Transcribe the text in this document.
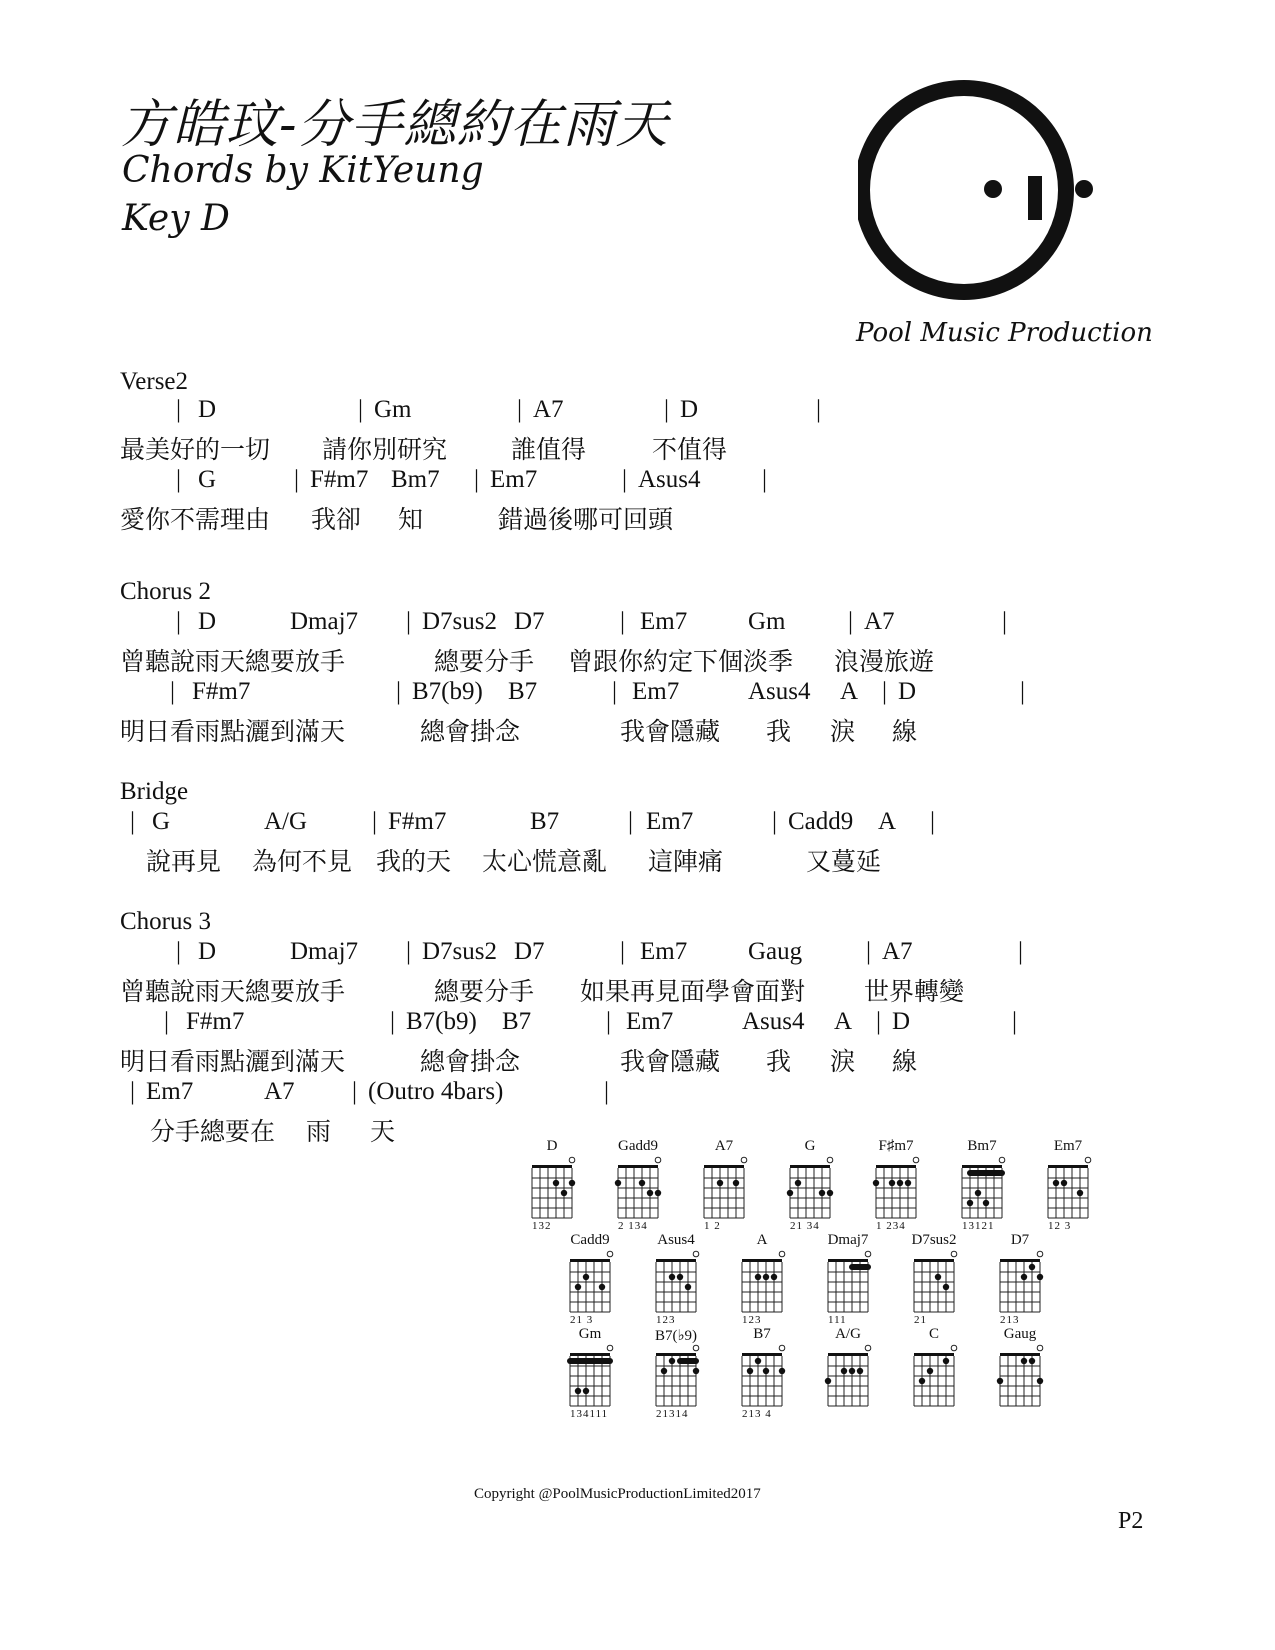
方皓玟-分手總約在雨天
Chords by KitYeung
Key D
Pool Music Production
Verse2
| D	| Gm	| A7	| D	|
最美好的一切 請你別研究	誰值得	不值得
| G	| F#m7 Bm7 | Em7	| Asus4 |
愛你不需理由 我卻 知	錯過後哪可回頭
Chorus 2
| D	Dmaj7 | D7sus2 D7	| Em7 Gm	| A7	|
曾聽說雨天總要放手	總要分手 曾跟你約定下個淡季 浪漫旅遊
| F#m7	| B7(b9) B7	| Em7	Asus4 A | D	|
明日看雨點灑到滿天	總會掛念	我會隱藏 我 淚 線
Bridge
| G	A/G	| F#m7	B7	| Em7	| Cadd9 A |
說再見 為何不見 我的天 太心慌意亂 這陣痛	又蔓延
Chorus 3
| D	Dmaj7 | D7sus2 D7	| Em7 Gaug	| A7	|
曾聽說雨天總要放手	總要分手 如果再見面學會面對 世界轉變
| F#m7	| B7(b9) B7	| Em7	Asus4 A | D	|
明日看雨點灑到滿天	總會掛念	我會隱藏 我 淚 線
| Em7	A7 | (Outro 4bars)	|
分手總要在 雨 天	D
132
Gadd9
2 134
A7
1 2
G
21 34
F♯m7
1 234
Bm7
13121
Em7
12 3
Cadd9
21 3
Asus4
123
A
123
Dmaj7
111
D7sus2
21
D7
213
Gm
134111
B7(♭9)
21314
B7
213 4
A/G	C	Gaug
Copyright @PoolMusicProductionLimited2017
P2
